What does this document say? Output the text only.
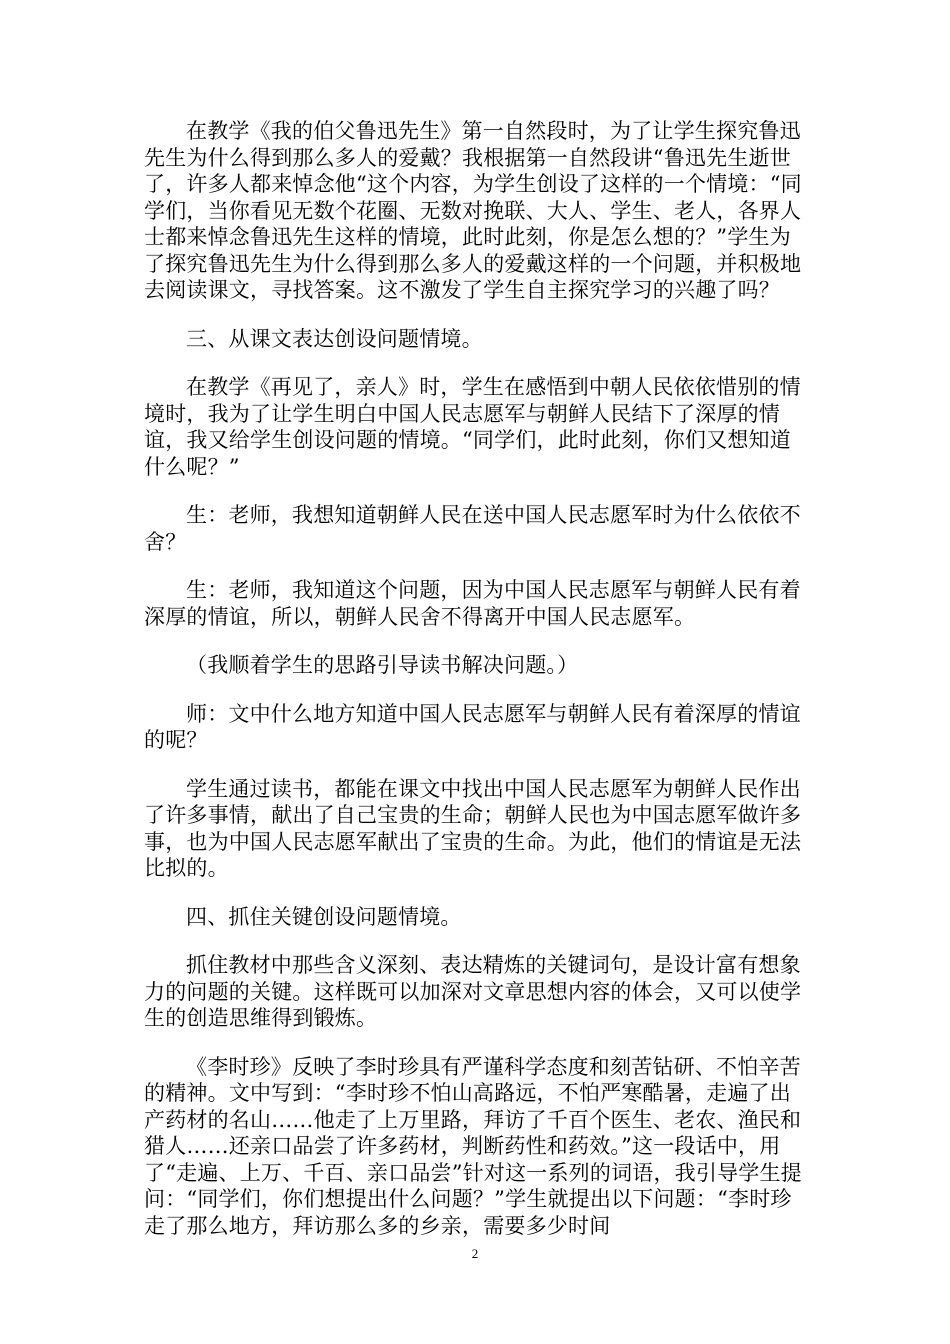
在教学《我的伯父鲁迅先生》第一自然段时，为了让学生探究鲁迅先生为什么得到那么多人的爱戴？我根据第一自然段讲“鲁迅先生逝世了，许多人都来悼念他“这个内容，为学生创设了这样的一个情境：“同学们，当你看见无数个花圈、无数对挽联、大人、学生、老人，各界人士都来悼念鲁迅先生这样的情境，此时此刻，你是怎么想的？”学生为了探究鲁迅先生为什么得到那么多人的爱戴这样的一个问题，并积极地去阅读课文，寻找答案。这不激发了学生自主探究学习的兴趣了吗？

三、从课文表达创设问题情境。

在教学《再见了，亲人》时，学生在感悟到中朝人民依依惜别的情境时，我为了让学生明白中国人民志愿军与朝鲜人民结下了深厚的情谊，我又给学生创设问题的情境。“同学们，此时此刻，你们又想知道什么呢？”

生：老师，我想知道朝鲜人民在送中国人民志愿军时为什么依依不舍？

生：老师，我知道这个问题，因为中国人民志愿军与朝鲜人民有着深厚的情谊，所以，朝鲜人民舍不得离开中国人民志愿军。

（我顺着学生的思路引导读书解决问题。）

师：文中什么地方知道中国人民志愿军与朝鲜人民有着深厚的情谊的呢？

学生通过读书，都能在课文中找出中国人民志愿军为朝鲜人民作出了许多事情，献出了自己宝贵的生命；朝鲜人民也为中国志愿军做许多事，也为中国人民志愿军献出了宝贵的生命。为此，他们的情谊是无法比拟的。

四、抓住关键创设问题情境。

抓住教材中那些含义深刻、表达精炼的关键词句，是设计富有想象力的问题的关键。这样既可以加深对文章思想内容的体会，又可以使学生的创造思维得到锻炼。

《李时珍》反映了李时珍具有严谨科学态度和刻苦钻研、不怕辛苦的精神。文中写到：“李时珍不怕山高路远，不怕严寒酷暑，走遍了出产药材的名山……他走了上万里路，拜访了千百个医生、老农、渔民和猎人……还亲口品尝了许多药材，判断药性和药效。”这一段话中，用了“走遍、上万、千百、亲口品尝”针对这一系列的词语，我引导学生提问：“同学们，你们想提出什么问题？”学生就提出以下问题：“李时珍走了那么地方，拜访那么多的乡亲，需要多少时间

2
